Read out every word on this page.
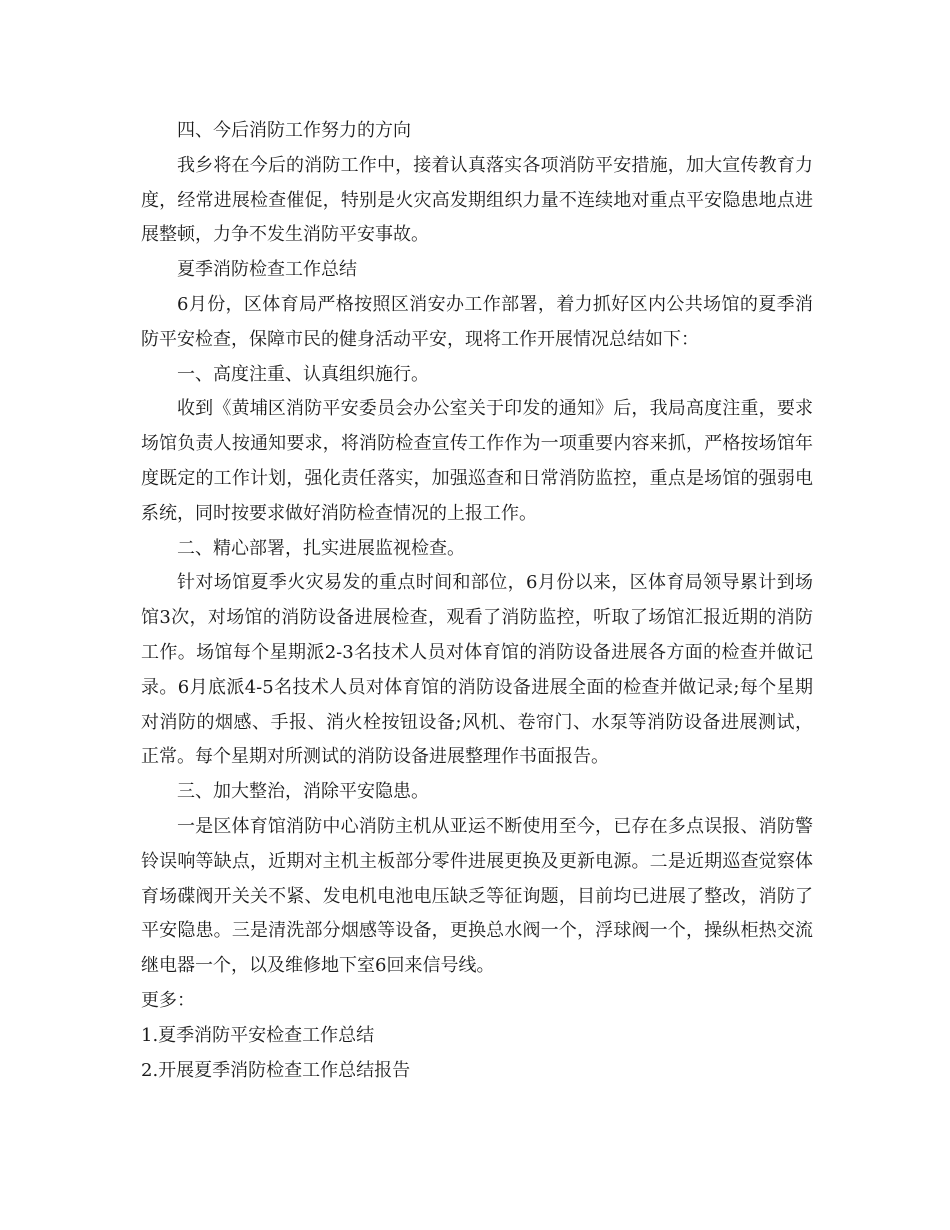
四、今后消防工作努力的方向

我乡将在今后的消防工作中，接着认真落实各项消防平安措施，加大宣传教育力度，经常进展检查催促，特别是火灾高发期组织力量不连续地对重点平安隐患地点进展整顿，力争不发生消防平安事故。

夏季消防检查工作总结

6月份，区体育局严格按照区消安办工作部署，着力抓好区内公共场馆的夏季消防平安检查，保障市民的健身活动平安，现将工作开展情况总结如下：

一、高度注重、认真组织施行。

收到《黄埔区消防平安委员会办公室关于印发的通知》后，我局高度注重，要求场馆负责人按通知要求，将消防检查宣传工作作为一项重要内容来抓，严格按场馆年度既定的工作计划，强化责任落实，加强巡查和日常消防监控，重点是场馆的强弱电系统，同时按要求做好消防检查情况的上报工作。

二、精心部署，扎实进展监视检查。

针对场馆夏季火灾易发的重点时间和部位，6月份以来，区体育局领导累计到场馆3次，对场馆的消防设备进展检查，观看了消防监控，听取了场馆汇报近期的消防工作。场馆每个星期派2-3名技术人员对体育馆的消防设备进展各方面的检查并做记录。6月底派4-5名技术人员对体育馆的消防设备进展全面的检查并做记录;每个星期对消防的烟感、手报、消火栓按钮设备;风机、卷帘门、水泵等消防设备进展测试，正常。每个星期对所测试的消防设备进展整理作书面报告。

三、加大整治，消除平安隐患。

一是区体育馆消防中心消防主机从亚运不断使用至今，已存在多点误报、消防警铃误响等缺点，近期对主机主板部分零件进展更换及更新电源。二是近期巡查觉察体育场碟阀开关关不紧、发电机电池电压缺乏等征询题，目前均已进展了整改，消防了平安隐患。三是清洗部分烟感等设备，更换总水阀一个，浮球阀一个，操纵柜热交流继电器一个，以及维修地下室6回来信号线。

更多：

1.夏季消防平安检查工作总结
2.开展夏季消防检查工作总结报告
